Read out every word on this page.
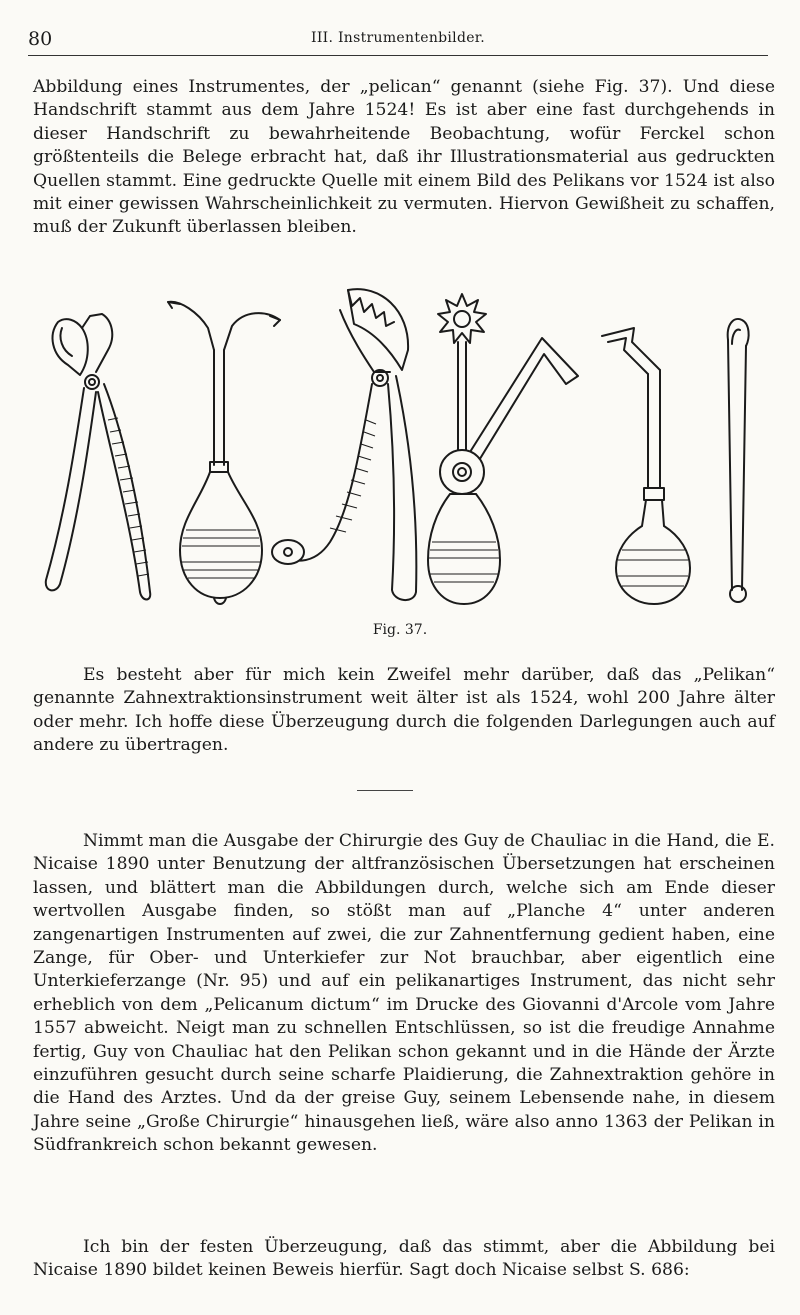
80	III. Instrumentenbilder.

Abbildung eines Instrumentes, der „pelican“ genannt (siehe Fig. 37). Und diese Handschrift stammt aus dem Jahre 1524! Es ist aber eine fast durchgehends in dieser Handschrift zu bewahrheitende Beobachtung, wofür Ferckel schon größtenteils die Belege erbracht hat, daß ihr Illustrationsmaterial aus gedruckten Quellen stammt. Eine gedruckte Quelle mit einem Bild des Pelikans vor 1524 ist also mit einer gewissen Wahrscheinlichkeit zu vermuten. Hiervon Gewißheit zu schaffen, muß der Zukunft überlassen bleiben.

Fig. 37.

Es besteht aber für mich kein Zweifel mehr darüber, daß das „Pelikan“ genannte Zahnextraktionsinstrument weit älter ist als 1524, wohl 200 Jahre älter oder mehr. Ich hoffe diese Überzeugung durch die folgenden Darlegungen auch auf andere zu übertragen.

Nimmt man die Ausgabe der Chirurgie des Guy de Chauliac in die Hand, die E. Nicaise 1890 unter Benutzung der altfranzösischen Übersetzungen hat erscheinen lassen, und blättert man die Abbildungen durch, welche sich am Ende dieser wertvollen Ausgabe finden, so stößt man auf „Planche 4“ unter anderen zangenartigen Instrumenten auf zwei, die zur Zahnentfernung gedient haben, eine Zange, für Ober- und Unterkiefer zur Not brauchbar, aber eigentlich eine Unterkieferzange (Nr. 95) und auf ein pelikanartiges Instrument, das nicht sehr erheblich von dem „Pelicanum dictum“ im Drucke des Giovanni d'Arcole vom Jahre 1557 abweicht. Neigt man zu schnellen Entschlüssen, so ist die freudige Annahme fertig, Guy von Chauliac hat den Pelikan schon gekannt und in die Hände der Ärzte einzuführen gesucht durch seine scharfe Plaidierung, die Zahnextraktion gehöre in die Hand des Arztes. Und da der greise Guy, seinem Lebensende nahe, in diesem Jahre seine „Große Chirurgie“ hinausgehen ließ, wäre also anno 1363 der Pelikan in Südfrankreich schon bekannt gewesen.

Ich bin der festen Überzeugung, daß das stimmt, aber die Abbildung bei Nicaise 1890 bildet keinen Beweis hierfür. Sagt doch Nicaise selbst S. 686:
